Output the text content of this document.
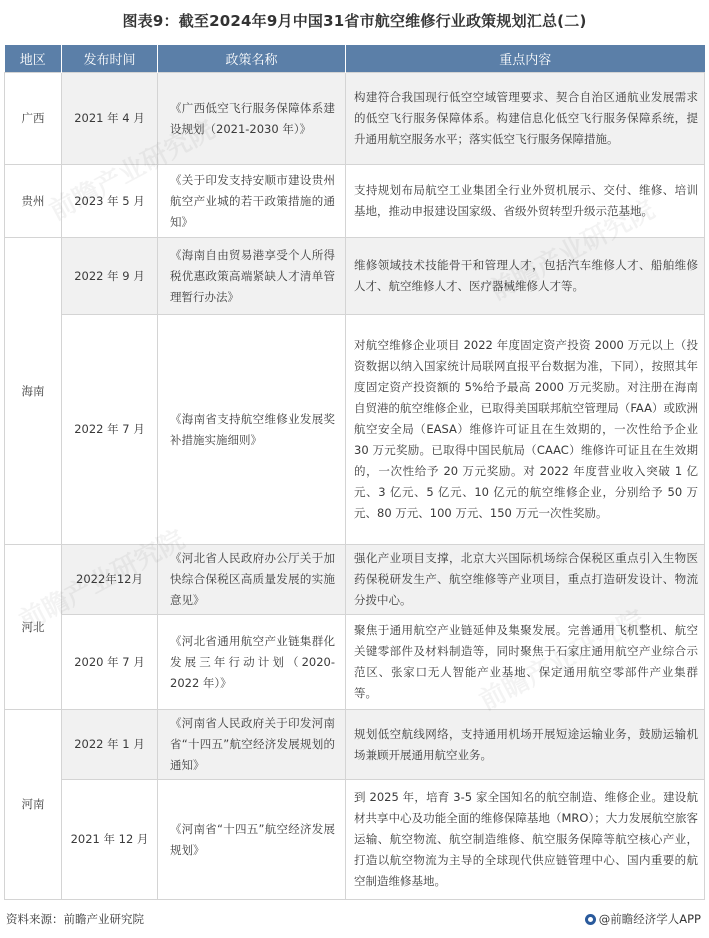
图表9：截至2024年9月中国31省市航空维修行业政策规划汇总(二)
地区	发布时间	政策名称	重点内容
广西	2021 年 4 月	《广西低空飞行服务保障体系建设规划（2021-2030 年）》	构建符合我国现行低空空域管理要求、契合自治区通航业发展需求的低空飞行服务保障体系。构建信息化低空飞行服务保障系统，提升通用航空服务水平；落实低空飞行服务保障措施。
贵州	2023 年 5 月	《关于印发支持安顺市建设贵州航空产业城的若干政策措施的通知》	支持规划布局航空工业集团全行业外贸机展示、交付、维修、培训基地，推动申报建设国家级、省级外贸转型升级示范基地。
海南	2022 年 9 月	《海南自由贸易港享受个人所得税优惠政策高端紧缺人才清单管理暂行办法》	维修领域技术技能骨干和管理人才，包括汽车维修人才、船舶维修人才、航空维修人才、医疗器械维修人才等。
	2022 年 7 月	《海南省支持航空维修业发展奖补措施实施细则》	对航空维修企业项目 2022 年度固定资产投资 2000 万元以上（投资数据以纳入国家统计局联网直报平台数据为准，下同），按照其年度固定资产投资额的 5%给予最高 2000 万元奖励。对注册在海南自贸港的航空维修企业，已取得美国联邦航空管理局（FAA）或欧洲航空安全局（EASA）维修许可证且在生效期的，一次性给予企业 30 万元奖励。已取得中国民航局（CAAC）维修许可证且在生效期的，一次性给予 20 万元奖励。对 2022 年度营业收入突破 1 亿元、3 亿元、5 亿元、10 亿元的航空维修企业，分别给予 50 万元、80 万元、100 万元、150 万元一次性奖励。
河北	2022年12月	《河北省人民政府办公厅关于加快综合保税区高质量发展的实施意见》	强化产业项目支撑，北京大兴国际机场综合保税区重点引入生物医药保税研发生产、航空维修等产业项目，重点打造研发设计、物流分拨中心。
	2020 年 7 月	《河北省通用航空产业链集群化发展三年行动计划（2020-2022 年）》	聚焦于通用航空产业链延伸及集聚发展。完善通用飞机整机、航空关键零部件及材料制造等，同时聚焦于石家庄通用航空产业综合示范区、张家口无人智能产业基地、保定通用航空零部件产业集群等。
河南	2022 年 1 月	《河南省人民政府关于印发河南省“十四五”航空经济发展规划的通知》	规划低空航线网络，支持通用机场开展短途运输业务，鼓励运输机场兼顾开展通用航空业务。
	2021 年 12 月	《河南省“十四五”航空经济发展规划》	到 2025 年，培育 3-5 家全国知名的航空制造、维修企业。建设航材共享中心及功能全面的维修保障基地（MRO）；大力发展航空旅客运输、航空物流、航空制造维修、航空服务保障等航空核心产业，打造以航空物流为主导的全球现代供应链管理中心、国内重要的航空制造维修基地。
资料来源：前瞻产业研究院	@前瞻经济学人APP
